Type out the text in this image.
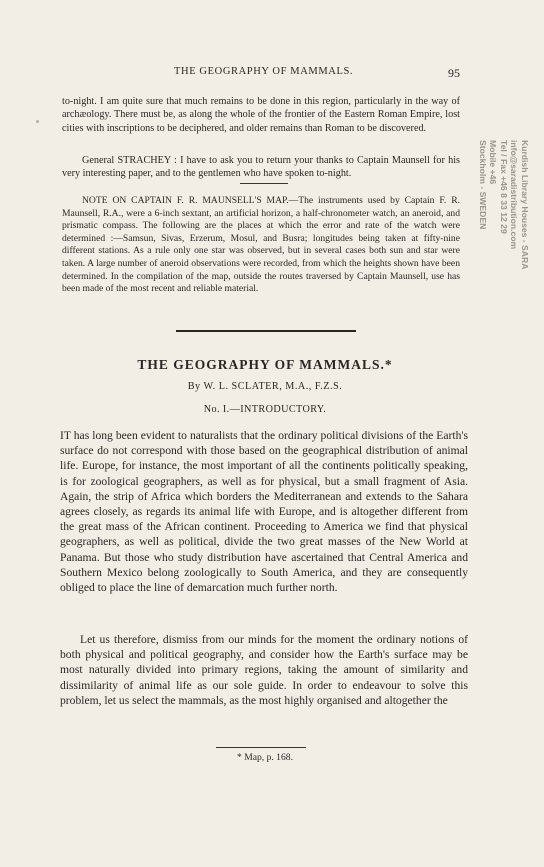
THE GEOGRAPHY OF MAMMALS.	95

to-night. I am quite sure that much remains to be done in this region, particularly in the way of archæology. There must be, as along the whole of the frontier of the Eastern Roman Empire, lost cities with inscriptions to be deciphered, and older remains than Roman to be discovered.

General STRACHEY : I have to ask you to return your thanks to Captain Maunsell for his very interesting paper, and to the gentlemen who have spoken to-night.

NOTE ON CAPTAIN F. R. MAUNSELL'S MAP.—The instruments used by Captain F. R. Maunsell, R.A., were a 6-inch sextant, an artificial horizon, a half-chronometer watch, an aneroid, and prismatic compass. The following are the places at which the error and rate of the watch were determined :—Samsun, Sivas, Erzerum, Mosul, and Busra; longitudes being taken at fifty-nine different stations. As a rule only one star was observed, but in several cases both sun and star were taken. A large number of aneroid observations were recorded, from which the heights shown have been determined. In the compilation of the map, outside the routes traversed by Captain Maunsell, use has been made of the most recent and reliable material.

THE GEOGRAPHY OF MAMMALS.*
By W. L. SCLATER, M.A., F.Z.S.
No. I.—INTRODUCTORY.

IT has long been evident to naturalists that the ordinary political divisions of the Earth's surface do not correspond with those based on the geographical distribution of animal life. Europe, for instance, the most important of all the continents politically speaking, is for zoological geographers, as well as for physical, but a small fragment of Asia. Again, the strip of Africa which borders the Mediterranean and extends to the Sahara agrees closely, as regards its animal life with Europe, and is altogether different from the great mass of the African continent. Proceeding to America we find that physical geographers, as well as political, divide the two great masses of the New World at Panama. But those who study distribution have ascertained that Central America and Southern Mexico belong zoologically to South America, and they are consequently obliged to place the line of demarcation much further north.

Let us therefore, dismiss from our minds for the moment the ordinary notions of both physical and political geography, and consider how the Earth's surface may be most naturally divided into primary regions, taking the amount of similarity and dissimilarity of animal life as our sole guide. In order to endeavour to solve this problem, let us select the mammals, as the most highly organised and altogether the

* Map, p. 168.
Kurdish Library Houses - SARA
info@saradistribution.com
Tel / Fax +46 8 33 12 29
Mobile +46
Stockholm - SWEDEN
